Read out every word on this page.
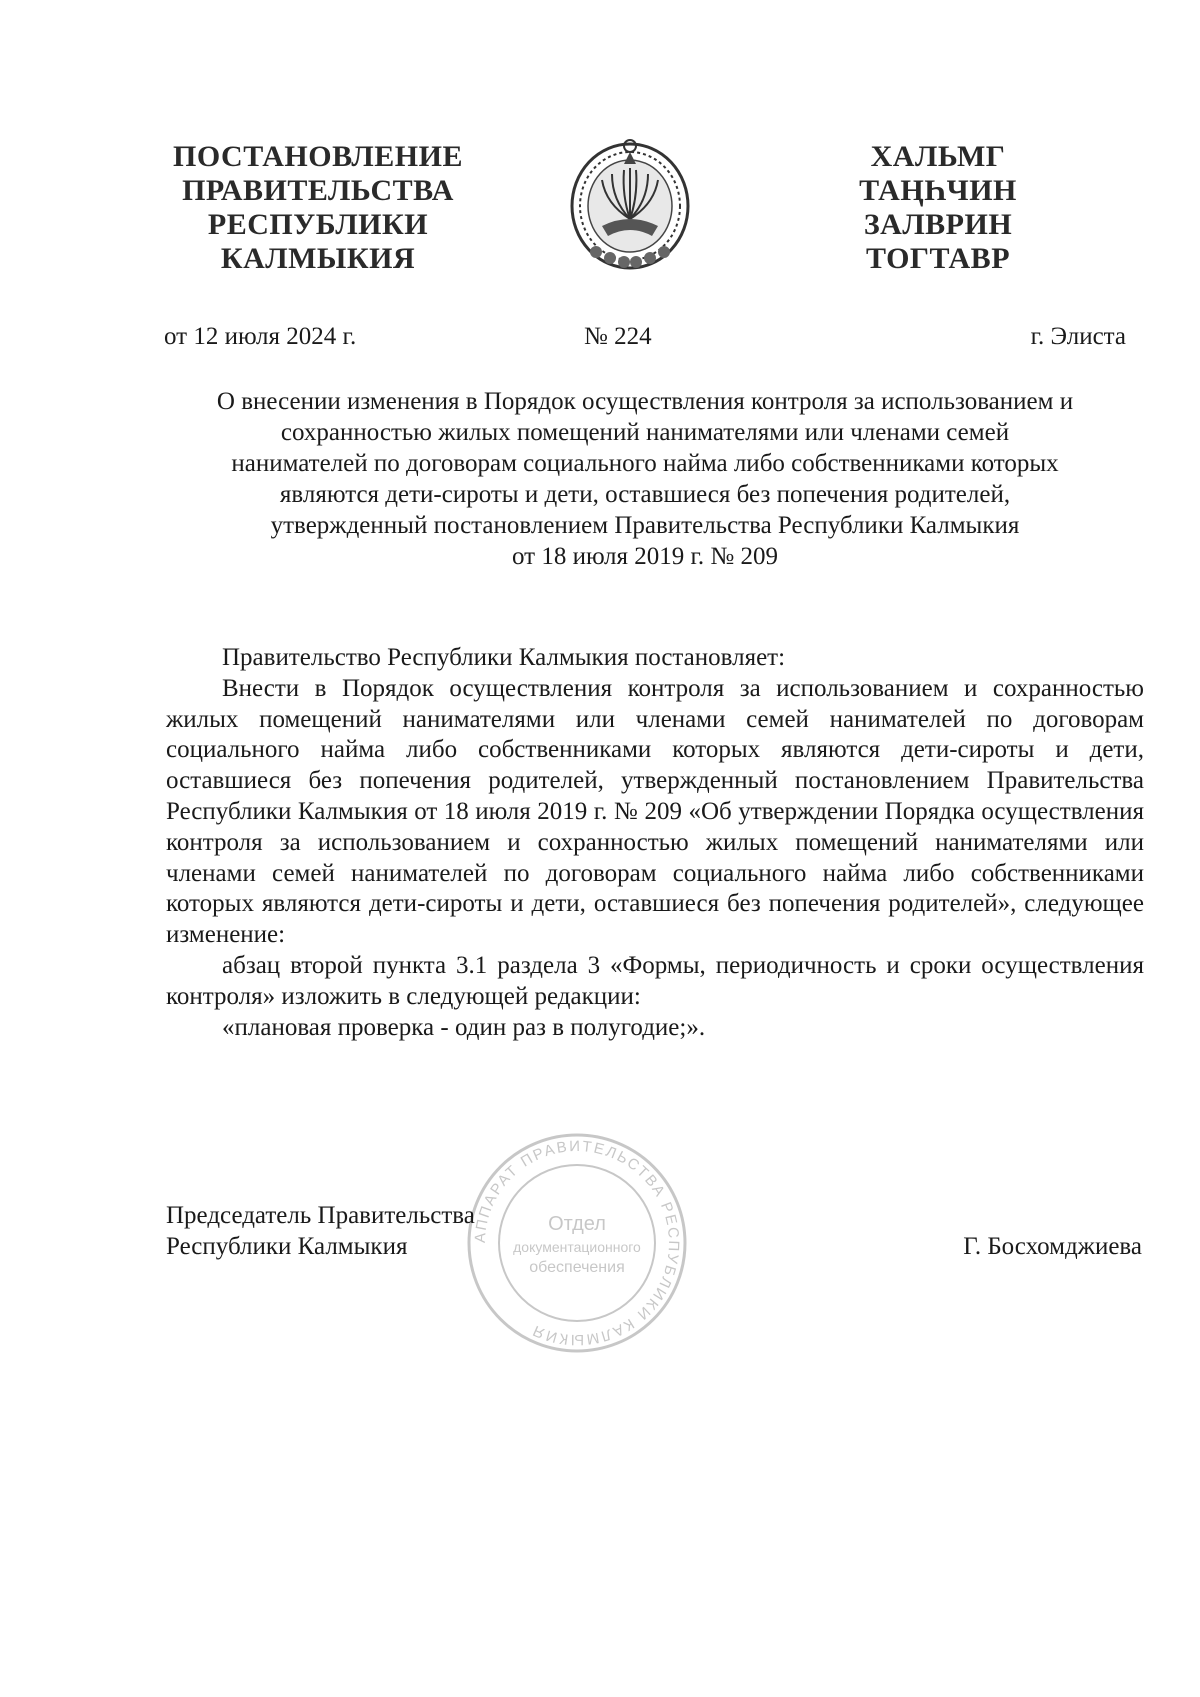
ПОСТАНОВЛЕНИЕ
ПРАВИТЕЛЬСТВА
РЕСПУБЛИКИ
КАЛМЫКИЯ
ХАЛЬМГ
ТАҢҺЧИН
ЗАЛВРИН
ТОГТАВР
от 12 июля 2024 г.	№ 224	г. Элиста
О внесении изменения в Порядок осуществления контроля за использованием и
сохранностью жилых помещений нанимателями или членами семей
нанимателей по договорам социального найма либо собственниками которых
являются дети-сироты и дети, оставшиеся без попечения родителей,
утвержденный постановлением Правительства Республики Калмыкия
от 18 июля 2019 г. № 209

Правительство Республики Калмыкия постановляет:

Внести в Порядок осуществления контроля за использованием и сохранностью жилых помещений нанимателями или членами семей нанимателей по договорам социального найма либо собственниками которых являются дети-сироты и дети, оставшиеся без попечения родителей, утвержденный постановлением Правительства Республики Калмыкия от 18 июля 2019 г. № 209 «Об утверждении Порядка осуществления контроля за использованием и сохранностью жилых помещений нанимателями или членами семей нанимателей по договорам социального найма либо собственниками которых являются дети-сироты и дети, оставшиеся без попечения родителей», следующее изменение:

абзац второй пункта 3.1 раздела 3 «Формы, периодичность и сроки осуществления контроля» изложить в следующей редакции:

«плановая проверка - один раз в полугодие;».

АППАРАТ ПРАВИТЕЛЬСТВА РЕСПУБЛИКИ КАЛМЫКИЯ
Отдел
документационного
обеспечения
Председатель Правительства
Республики Калмыкия	Г. Босхомджиева
